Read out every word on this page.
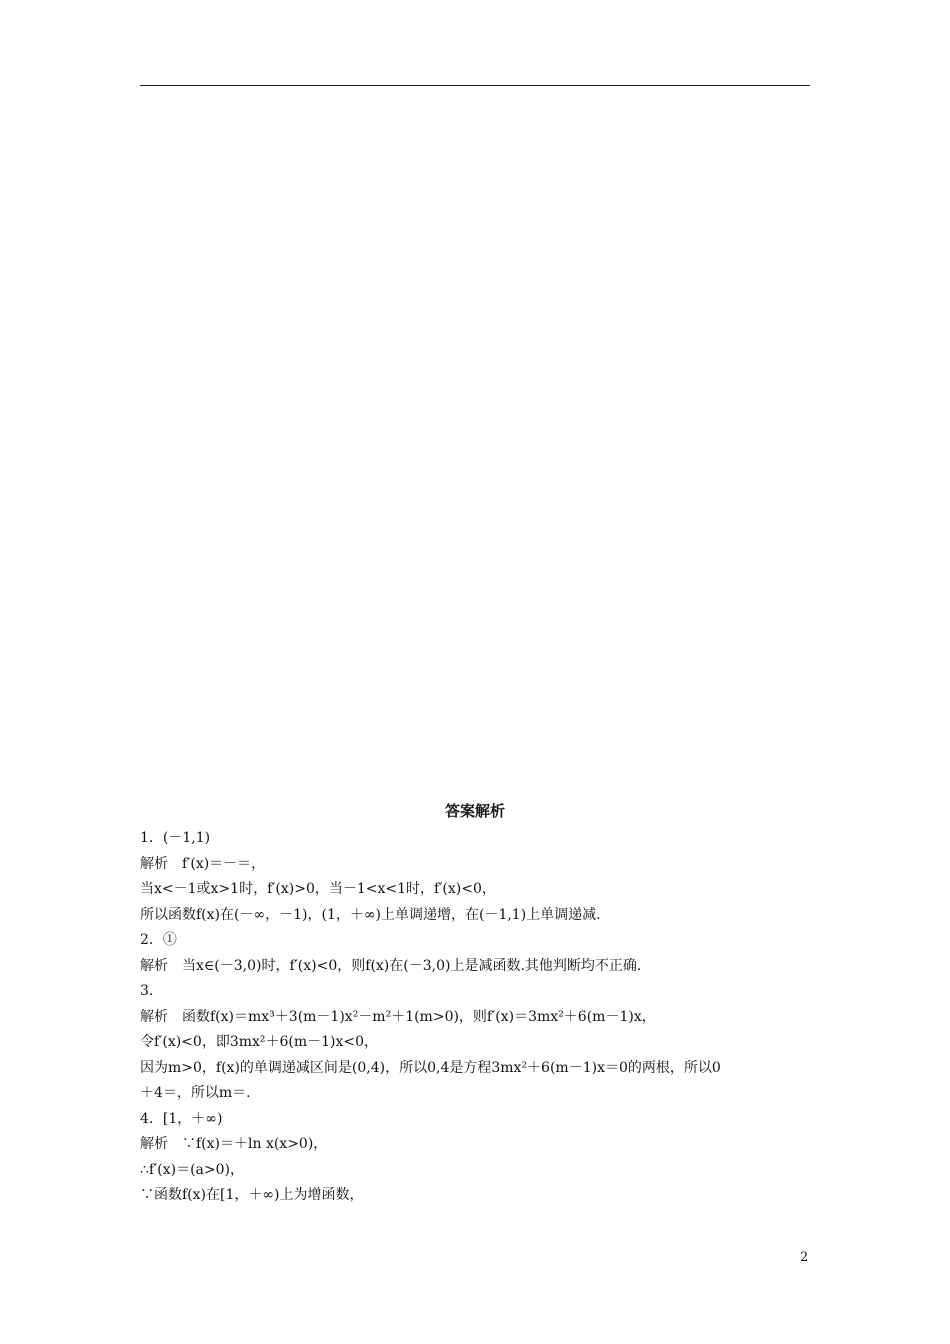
答案解析
1．(－1,1)
解析　f′(x)＝－＝，
当x<－1或x>1时，f′(x)>0，当－1<x<1时，f′(x)<0，
所以函数f(x)在(－∞，－1)，(1，＋∞)上单调递增，在(－1,1)上单调递减.
2．①
解析　当x∈(－3,0)时，f′(x)<0，则f(x)在(－3,0)上是减函数.其他判断均不正确.
3.
解析　函数f(x)＝mx³＋3(m－1)x²－m²＋1(m>0)，则f′(x)＝3mx²＋6(m－1)x，
令f′(x)<0，即3mx²＋6(m－1)x<0，
因为m>0，f(x)的单调递减区间是(0,4)，所以0,4是方程3mx²＋6(m－1)x＝0的两根，所以0
＋4＝，所以m＝.
4．[1，＋∞)
解析　∵f(x)＝＋ln x(x>0)，
∴f′(x)＝(a>0)，
∵函数f(x)在[1，＋∞)上为增函数，
2
